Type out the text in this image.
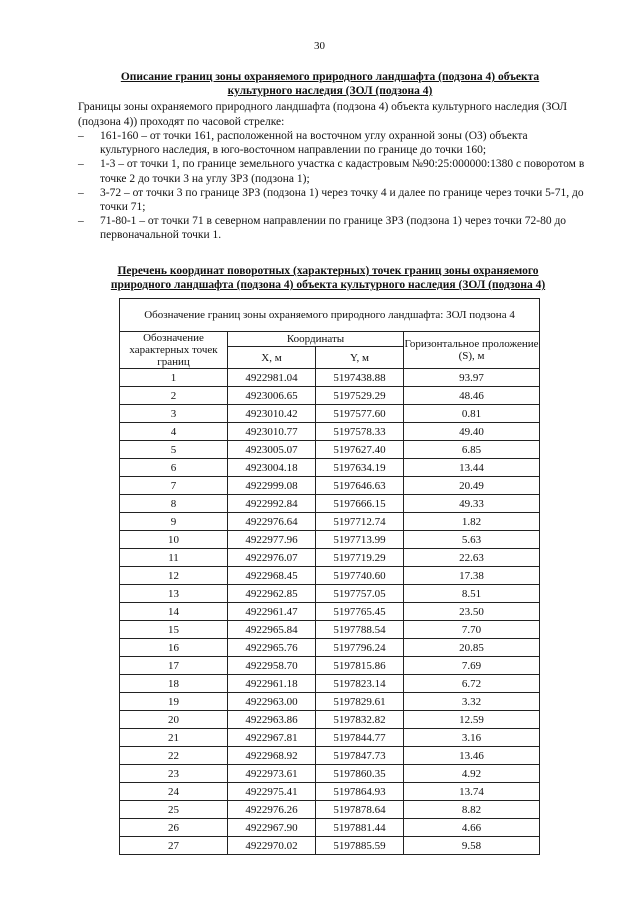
30
Описание границ зоны охраняемого природного ландшафта (подзона 4) объекта
культурного наследия (ЗОЛ (подзона 4)

Границы зоны охраняемого природного ландшафта (подзона 4) объекта культурного наследия (ЗОЛ (подзона 4)) проходят по часовой стрелке:

– 161-160 – от точки 161, расположенной на восточном углу охранной зоны (ОЗ) объекта культурного наследия, в юго-восточном направлении по границе до точки 160;
– 1-3 – от точки 1, по границе земельного участка с кадастровым №90:25:000000:1380 с поворотом в точке 2 до точки 3 на углу ЗРЗ (подзона 1);
– 3-72 – от точки 3 по границе ЗРЗ (подзона 1) через точку 4 и далее по границе через точки 5-71, до точки 71;
– 71-80-1 – от точки 71 в северном направлении по границе ЗРЗ (подзона 1) через точки 72-80 до первоначальной точки 1.
Перечень координат поворотных (характерных) точек границ зоны охраняемого
природного ландшафта (подзона 4) объекта культурного наследия (ЗОЛ (подзона 4)
Обозначение границ зоны охраняемого природного ландшафта: ЗОЛ подзона 4			
Обозначение характерных точек границ	Координаты		Горизонтальное проложение (S), м
	X, м	Y, м	
1	4922981.04	5197438.88	93.97
2	4923006.65	5197529.29	48.46
3	4923010.42	5197577.60	0.81
4	4923010.77	5197578.33	49.40
5	4923005.07	5197627.40	6.85
6	4923004.18	5197634.19	13.44
7	4922999.08	5197646.63	20.49
8	4922992.84	5197666.15	49.33
9	4922976.64	5197712.74	1.82
10	4922977.96	5197713.99	5.63
11	4922976.07	5197719.29	22.63
12	4922968.45	5197740.60	17.38
13	4922962.85	5197757.05	8.51
14	4922961.47	5197765.45	23.50
15	4922965.84	5197788.54	7.70
16	4922965.76	5197796.24	20.85
17	4922958.70	5197815.86	7.69
18	4922961.18	5197823.14	6.72
19	4922963.00	5197829.61	3.32
20	4922963.86	5197832.82	12.59
21	4922967.81	5197844.77	3.16
22	4922968.92	5197847.73	13.46
23	4922973.61	5197860.35	4.92
24	4922975.41	5197864.93	13.74
25	4922976.26	5197878.64	8.82
26	4922967.90	5197881.44	4.66
27	4922970.02	5197885.59	9.58
